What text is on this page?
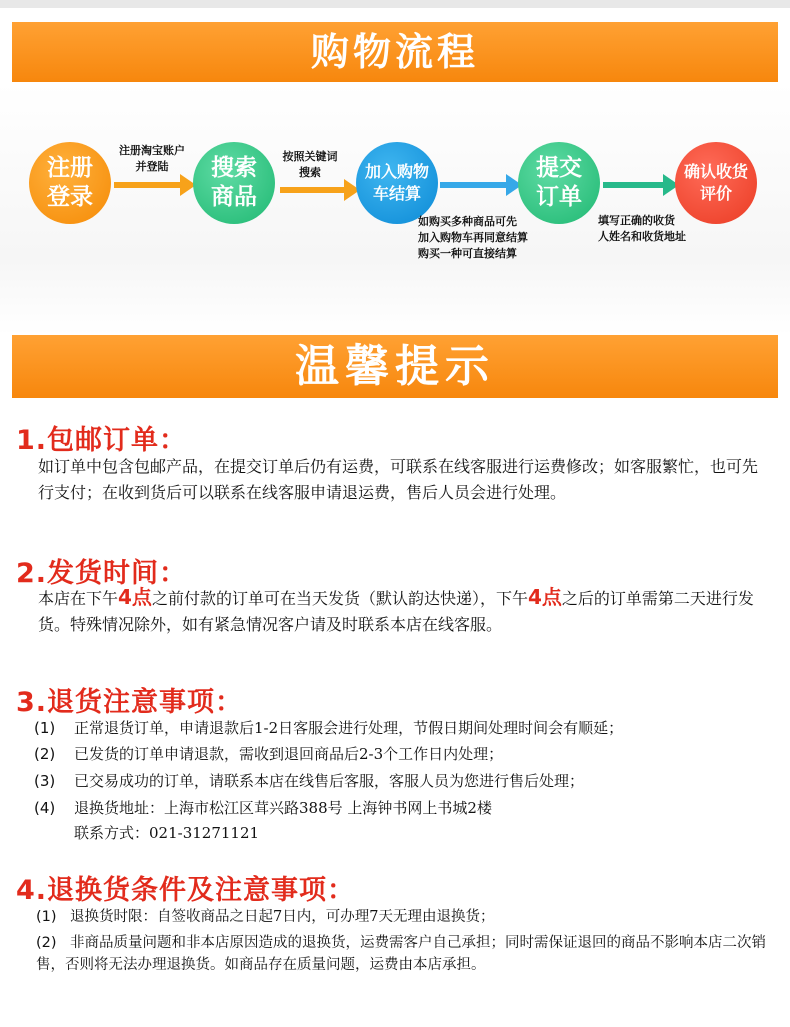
购物流程
注册
登录
注册淘宝账户
并登陆	搜索
商品
按照关键词
搜索	加入购物
车结算
如购买多种商品可先
加入购物车再同意结算
购买一种可直接结算
提交
订单
填写正确的收货
人姓名和收货地址
确认收货
评价
温馨提示
1.包邮订单：
如订单中包含包邮产品，在提交订单后仍有运费，可联系在线客服进行运费修改；如客服繁忙，也可先行支付；在收到货后可以联系在线客服申请退运费，售后人员会进行处理。
2.发货时间：
本店在下午4点之前付款的订单可在当天发货（默认韵达快递），下午4点之后的订单需第二天进行发货。特殊情况除外，如有紧急情况客户请及时联系本店在线客服。
3.退货注意事项：
(1) 正常退货订单，申请退款后1-2日客服会进行处理，节假日期间处理时间会有顺延；
(2) 已发货的订单申请退款，需收到退回商品后2-3个工作日内处理；
(3) 已交易成功的订单，请联系本店在线售后客服，客服人员为您进行售后处理；
(4) 退换货地址：上海市松江区茸兴路388号 上海钟书网上书城2楼
联系方式：021-31271121
4.退换货条件及注意事项：
(1) 退换货时限：自签收商品之日起7日内，可办理7天无理由退换货；
(2) 非商品质量问题和非本店原因造成的退换货，运费需客户自己承担；同时需保证退回的商品不影响本店二次销售，否则将无法办理退换货。如商品存在质量问题，运费由本店承担。
